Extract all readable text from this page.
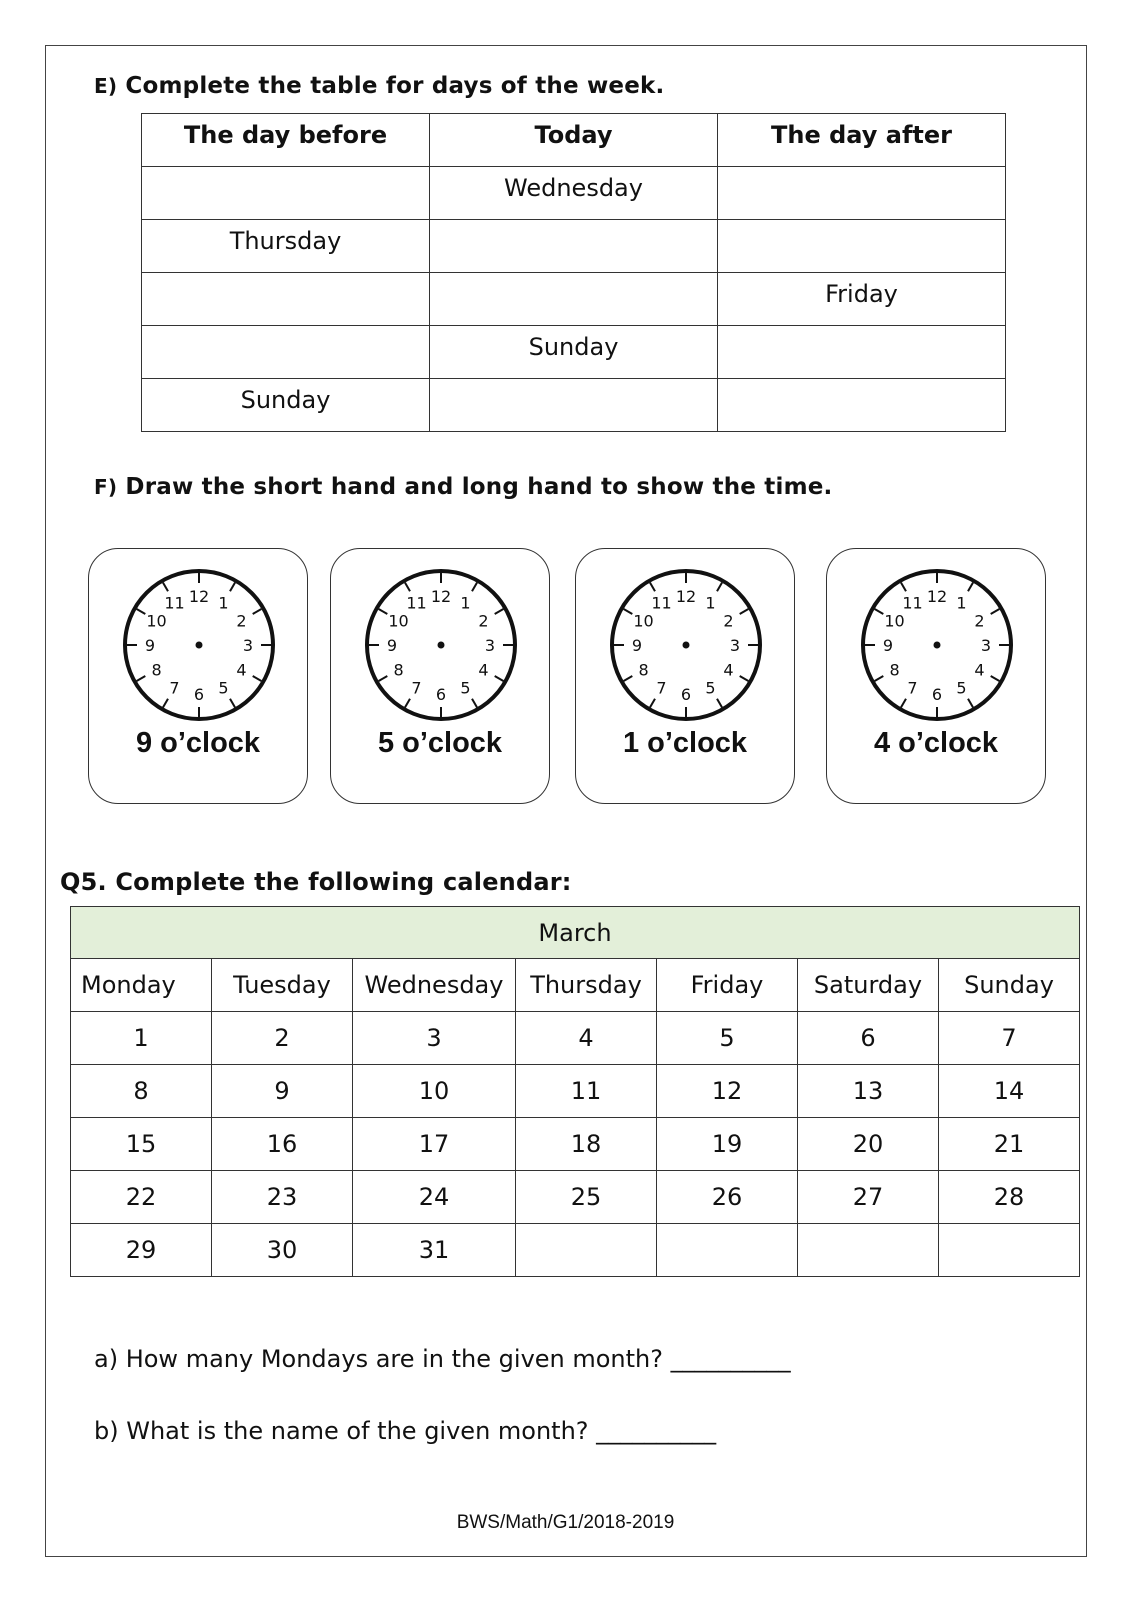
E) Complete the table for days of the week.
The day before	Today	The day after
	Wednesday	
Thursday		
		Friday
	Sunday	
Sunday		
F) Draw the short hand and long hand to show the time.
12 1
2
3
4
5
6
7
8
9
10
11
9 o’clock
12 1
2
3
4
5
6
7
8
9
10
11
5 o’clock
12 1
2
3
4
5
6
7
8
9
10
11
1 o’clock
12 1
2
3
4
5
6
7
8
9
10
11
4 o’clock
Q5. Complete the following calendar:
March						
Monday	Tuesday	Wednesday	Thursday	Friday	Saturday	Sunday
1	2	3	4	5	6	7
8	9	10	11	12	13	14
15	16	17	18	19	20	21
22	23	24	25	26	27	28
29	30	31				
a) How many Mondays are in the given month? __________
b) What is the name of the given month? __________
BWS/Math/G1/2018-2019
